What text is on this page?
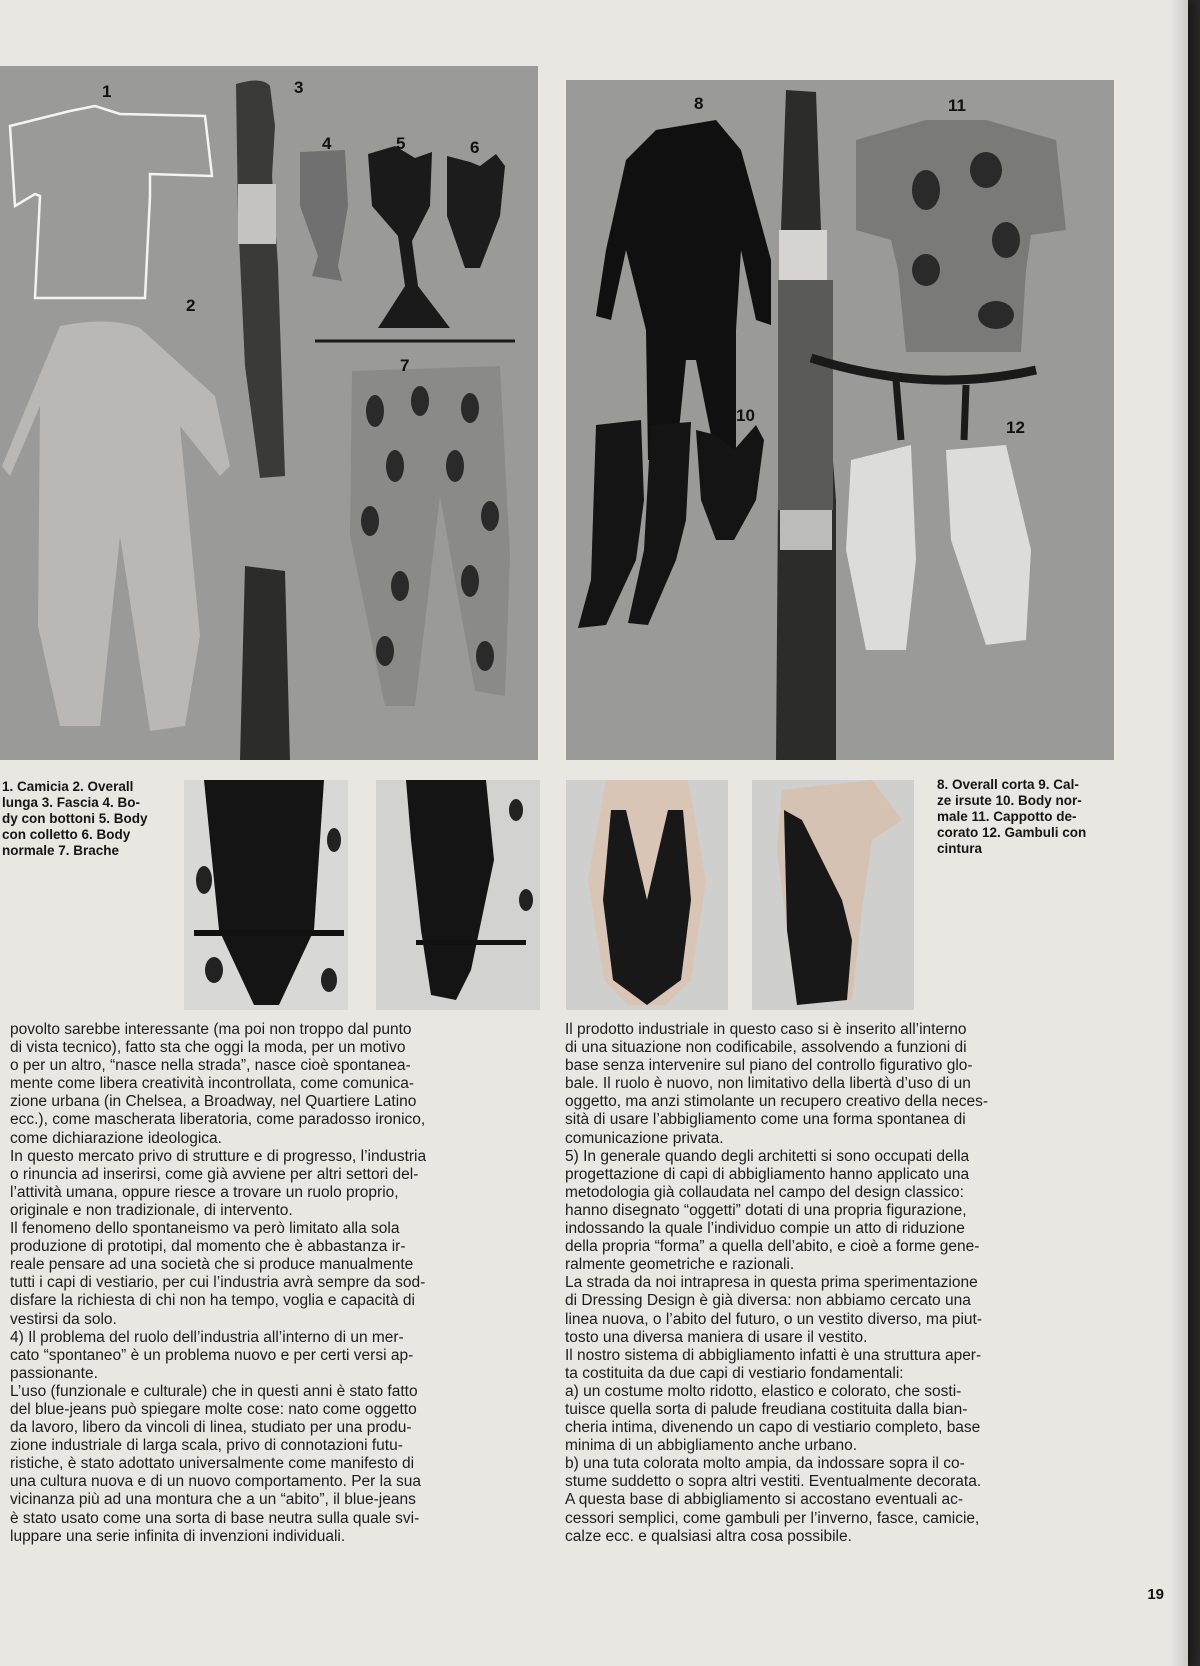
1
2
3
4	5	6
7
8
9	10
11
12
1. Camicia 2. Overall
lunga 3. Fascia 4. Bo-
dy con bottoni 5. Body
con colletto 6. Body
normale 7. Brache
8. Overall corta 9. Cal-
ze irsute 10. Body nor-
male 11. Cappotto de-
corato 12. Gambuli con
cintura
povolto sarebbe interessante (ma poi non troppo dal punto
di vista tecnico), fatto sta che oggi la moda, per un motivo
o per un altro, “nasce nella strada”, nasce cioè spontanea-
mente come libera creatività incontrollata, come comunica-
zione urbana (in Chelsea, a Broadway, nel Quartiere Latino
ecc.), come mascherata liberatoria, come paradosso ironico,
come dichiarazione ideologica.
In questo mercato privo di strutture e di progresso, l’industria
o rinuncia ad inserirsi, come già avviene per altri settori del-
l’attività umana, oppure riesce a trovare un ruolo proprio,
originale e non tradizionale, di intervento.
Il fenomeno dello spontaneismo va però limitato alla sola
produzione di prototipi, dal momento che è abbastanza ir-
reale pensare ad una società che si produce manualmente
tutti i capi di vestiario, per cui l’industria avrà sempre da sod-
disfare la richiesta di chi non ha tempo, voglia e capacità di
vestirsi da solo.
4) Il problema del ruolo dell’industria all’interno di un mer-
cato “spontaneo” è un problema nuovo e per certi versi ap-
passionante.
L’uso (funzionale e culturale) che in questi anni è stato fatto
del blue-jeans può spiegare molte cose: nato come oggetto
da lavoro, libero da vincoli di linea, studiato per una produ-
zione industriale di larga scala, privo di connotazioni futu-
ristiche, è stato adottato universalmente come manifesto di
una cultura nuova e di un nuovo comportamento. Per la sua
vicinanza più ad una montura che a un “abito”, il blue-jeans
è stato usato come una sorta di base neutra sulla quale svi-
luppare una serie infinita di invenzioni individuali.
Il prodotto industriale in questo caso si è inserito all’interno
di una situazione non codificabile, assolvendo a funzioni di
base senza intervenire sul piano del controllo figurativo glo-
bale. Il ruolo è nuovo, non limitativo della libertà d’uso di un
oggetto, ma anzi stimolante un recupero creativo della neces-
sità di usare l’abbigliamento come una forma spontanea di
comunicazione privata.
5) In generale quando degli architetti si sono occupati della
progettazione di capi di abbigliamento hanno applicato una
metodologia già collaudata nel campo del design classico:
hanno disegnato “oggetti” dotati di una propria figurazione,
indossando la quale l’individuo compie un atto di riduzione
della propria “forma” a quella dell’abito, e cioè a forme gene-
ralmente geometriche e razionali.
La strada da noi intrapresa in questa prima sperimentazione
di Dressing Design è già diversa: non abbiamo cercato una
linea nuova, o l’abito del futuro, o un vestito diverso, ma piut-
tosto una diversa maniera di usare il vestito.
Il nostro sistema di abbigliamento infatti è una struttura aper-
ta costituita da due capi di vestiario fondamentali:
a) un costume molto ridotto, elastico e colorato, che sosti-
tuisce quella sorta di palude freudiana costituita dalla bian-
cheria intima, divenendo un capo di vestiario completo, base
minima di un abbigliamento anche urbano.
b) una tuta colorata molto ampia, da indossare sopra il co-
stume suddetto o sopra altri vestiti. Eventualmente decorata.
A questa base di abbigliamento si accostano eventuali ac-
cessori semplici, come gambuli per l’inverno, fasce, camicie,
calze ecc. e qualsiasi altra cosa possibile.
19
